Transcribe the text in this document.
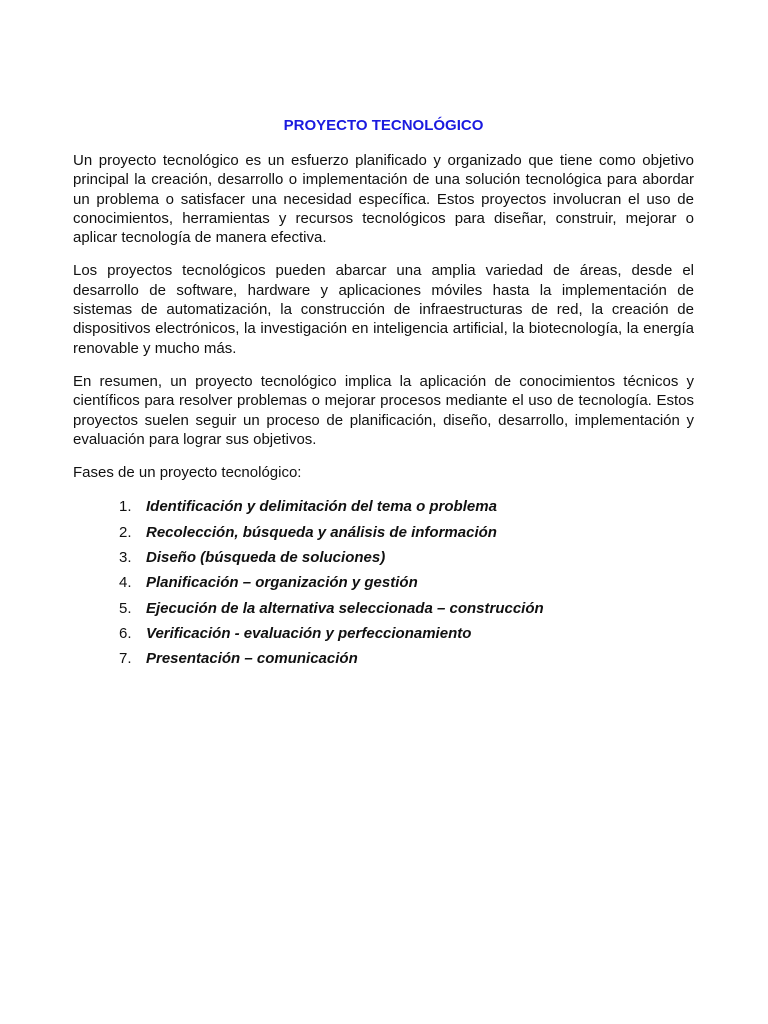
PROYECTO TECNOLÓGICO

Un proyecto tecnológico es un esfuerzo planificado y organizado que tiene como objetivo principal la creación, desarrollo o implementación de una solución tecnológica para abordar un problema o satisfacer una necesidad específica. Estos proyectos involucran el uso de conocimientos, herramientas y recursos tecnológicos para diseñar, construir, mejorar o aplicar tecnología de manera efectiva.

Los proyectos tecnológicos pueden abarcar una amplia variedad de áreas, desde el desarrollo de software, hardware y aplicaciones móviles hasta la implementación de sistemas de automatización, la construcción de infraestructuras de red, la creación de dispositivos electrónicos, la investigación en inteligencia artificial, la biotecnología, la energía renovable y mucho más.

En resumen, un proyecto tecnológico implica la aplicación de conocimientos técnicos y científicos para resolver problemas o mejorar procesos mediante el uso de tecnología. Estos proyectos suelen seguir un proceso de planificación, diseño, desarrollo, implementación y evaluación para lograr sus objetivos.

Fases de un proyecto tecnológico:

1. Identificación y delimitación del tema o problema
2. Recolección, búsqueda y análisis de información
3. Diseño (búsqueda de soluciones)
4. Planificación – organización y gestión
5. Ejecución de la alternativa seleccionada – construcción
6. Verificación - evaluación y perfeccionamiento
7. Presentación – comunicación
